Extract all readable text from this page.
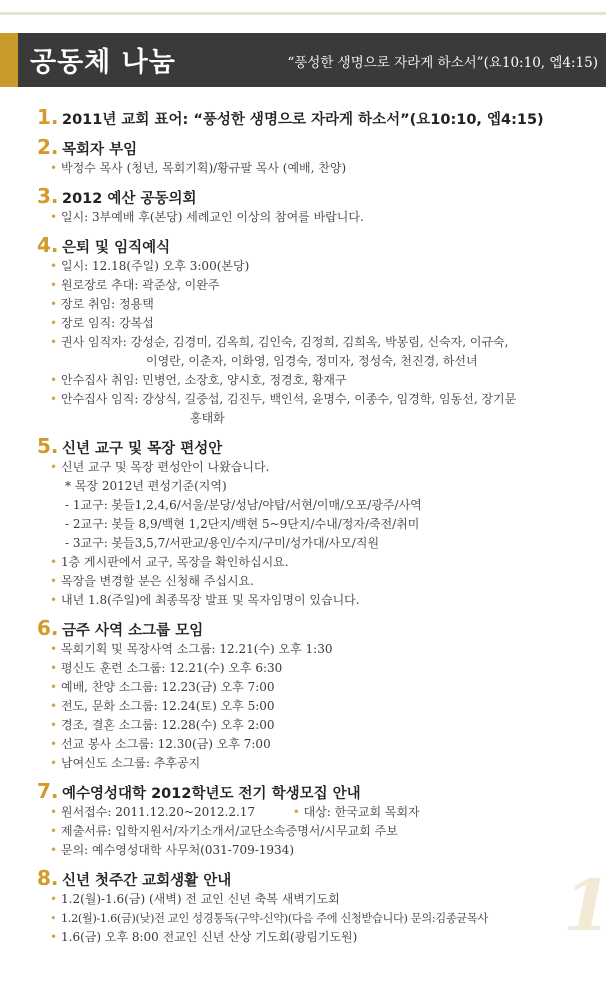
공동체 나눔	“풍성한 생명으로 자라게 하소서”(요10:10, 엡4:15)
1. 2011년 교회 표어: “풍성한 생명으로 자라게 하소서”(요10:10, 엡4:15)
2. 목회자 부임
• 박정수 목사 (청년, 목회기획)/황규팔 목사 (예배, 찬양)
3. 2012 예산 공동의회
• 일시: 3부예배 후(본당) 세례교인 이상의 참여를 바랍니다.
4. 은퇴 및 임직예식
• 일시: 12.18(주일) 오후 3:00(본당)
• 원로장로 추대: 곽준상, 이완주
• 장로 취임: 정용택
• 장로 임직: 강복섭
• 권사 임직자: 강성순, 김경미, 김옥희, 김인숙, 김정희, 김희옥, 박봉림, 신숙자, 이규숙,
이영란, 이춘자, 이화영, 임경숙, 정미자, 정성숙, 천진경, 하선녀
• 안수집사 취임: 민병언, 소장호, 양시호, 정경호, 황재구
• 안수집사 임직: 강상식, 길중섭, 김진두, 백인석, 윤명수, 이종수, 임경학, 임동선, 장기문
홍태화
5. 신년 교구 및 목장 편성안
• 신년 교구 및 목장 편성안이 나왔습니다.
* 목장 2012년 편성기준(지역)
- 1교구: 봇들1,2,4,6/서울/분당/성남/야탑/서현/이매/오포/광주/사역
- 2교구: 봇들 8,9/백현 1,2단지/백현 5~9단지/수내/정자/죽전/취미
- 3교구: 봇들3,5,7/서판교/용인/수지/구미/성가대/사모/직원
• 1층 게시판에서 교구, 목장을 확인하십시요.
• 목장을 변경할 분은 신청해 주십시요.
• 내년 1.8(주일)에 최종목장 발표 및 목자임명이 있습니다.
6. 금주 사역 소그룹 모임
• 목회기획 및 목장사역 소그룹: 12.21(수) 오후 1:30
• 평신도 훈련 소그룹: 12.21(수) 오후 6:30
• 예배, 찬양 소그룹: 12.23(금) 오후 7:00
• 전도, 문화 소그룹: 12.24(토) 오후 5:00
• 경조, 결혼 소그룹: 12.28(수) 오후 2:00
• 선교 봉사 소그룹: 12.30(금) 오후 7:00
• 남여신도 소그룹: 추후공지
7. 예수영성대학 2012학년도 전기 학생모집 안내
• 원서접수: 2011.12.20~2012.2.17	• 대상: 한국교회 목회자
• 제출서류: 입학지원서/자기소개서/교단소속증명서/시무교회 주보
• 문의: 예수영성대학 사무처(031-709-1934)
8. 신년 첫주간 교회생활 안내
• 1.2(월)-1.6(금) (새벽) 전 교인 신년 축복 새벽기도회
• 1.2(월)-1.6(금)(낮)전 교인 성경통독(구약-신약)(다음 주에 신청받습니다) 문의:김종균목사
• 1.6(금) 오후 8:00 전교인 신년 산상 기도회(광림기도원)	1
